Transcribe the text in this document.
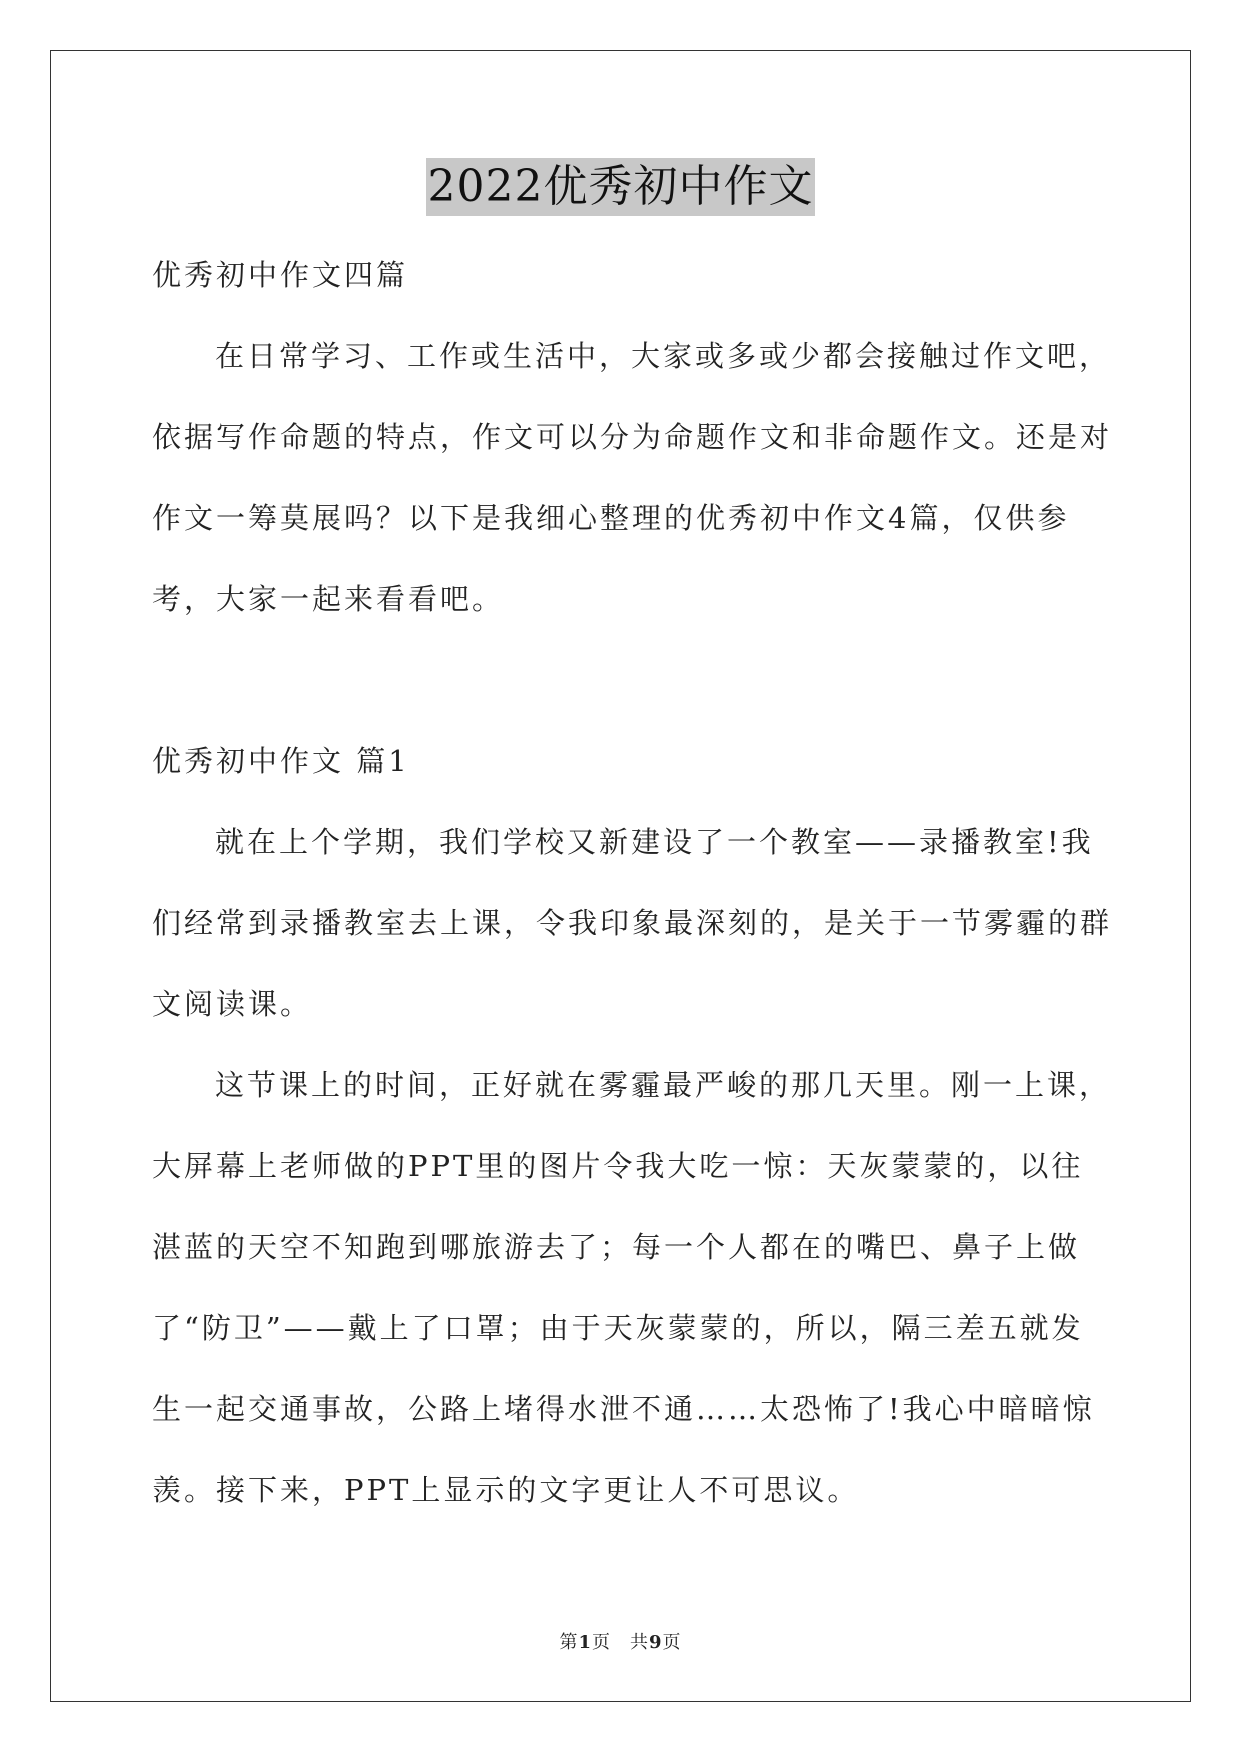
2022优秀初中作文

优秀初中作文四篇

在日常学习、工作或生活中，大家或多或少都会接触过作文吧，依据写作命题的特点，作文可以分为命题作文和非命题作文。还是对作文一筹莫展吗？以下是我细心整理的优秀初中作文4篇，仅供参考，大家一起来看看吧。

优秀初中作文 篇1

就在上个学期，我们学校又新建设了一个教室——录播教室!我们经常到录播教室去上课，令我印象最深刻的，是关于一节雾霾的群文阅读课。

这节课上的时间，正好就在雾霾最严峻的那几天里。刚一上课，大屏幕上老师做的PPT里的图片令我大吃一惊：天灰蒙蒙的，以往湛蓝的天空不知跑到哪旅游去了；每一个人都在的嘴巴、鼻子上做了“防卫”——戴上了口罩；由于天灰蒙蒙的，所以，隔三差五就发生一起交通事故，公路上堵得水泄不通……太恐怖了!我心中暗暗惊羡。接下来，PPT上显示的文字更让人不可思议。

第1页　共9页
